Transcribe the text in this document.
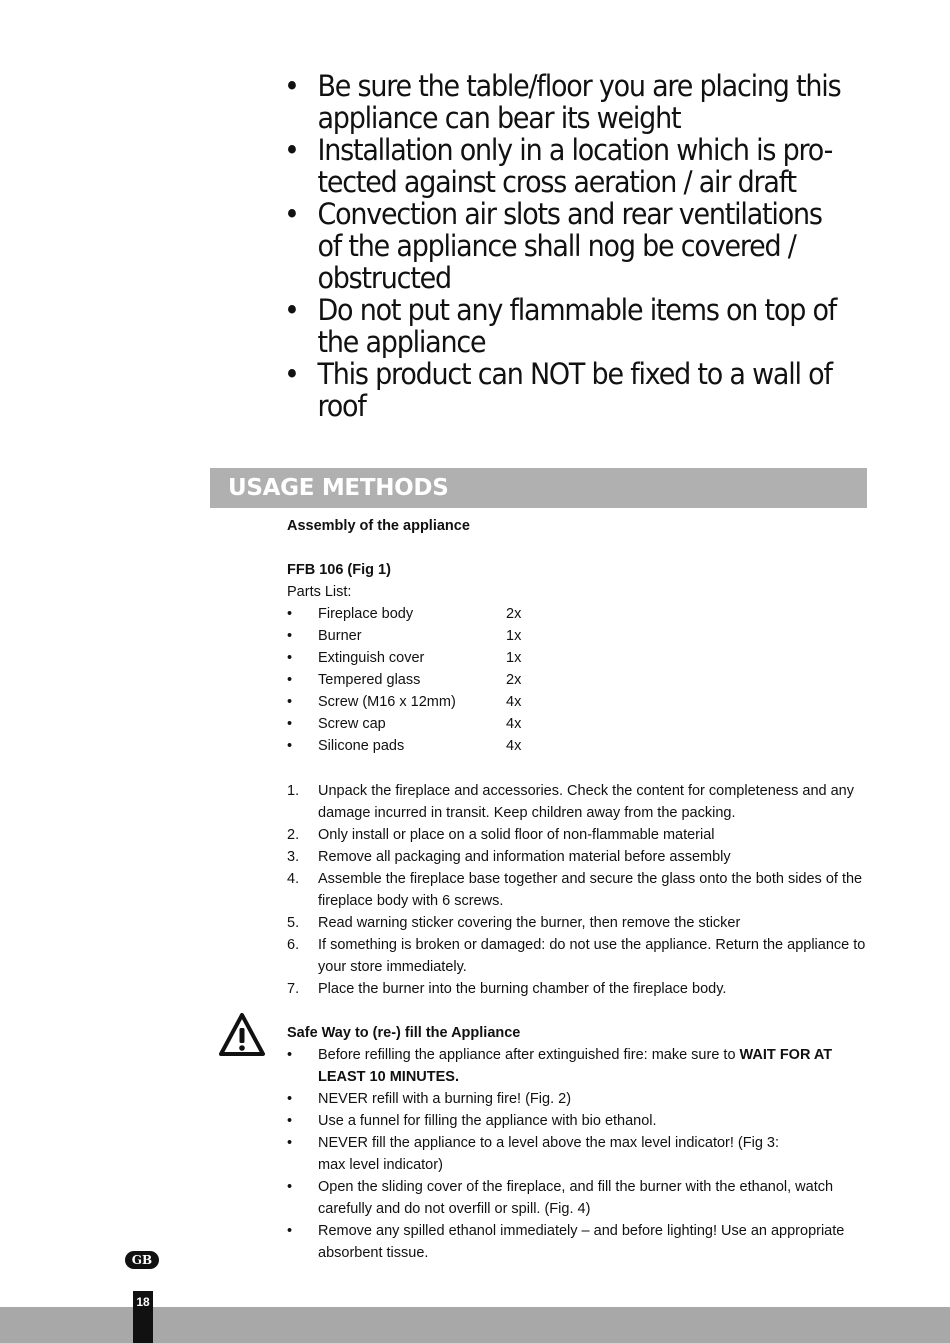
• Be sure the table/floor you are placing this appliance can bear its weight
• Installation only in a location which is pro-tected against cross aeration / air draft
• Convection air slots and rear ventilations of the appliance shall nog be covered / obstructed
• Do not put any flammable items on top of the appliance
• This product can NOT be fixed to a wall of roof
USAGE METHODS

Assembly of the appliance

FFB 106 (Fig 1)

Parts List:

• Fireplace body	2x
• Burner	1x
• Extinguish cover	1x
• Tempered glass	2x
• Screw (M16 x 12mm)	4x
• Screw cap	4x
• Silicone pads	4x
1. Unpack the fireplace and accessories. Check the content for completeness and any damage incurred in transit. Keep children away from the packing.
2. Only install or place on a solid floor of non-flammable material
3. Remove all packaging and information material before assembly
4. Assemble the fireplace base together and secure the glass onto the both sides of the fireplace body with 6 screws.
5. Read warning sticker covering the burner, then remove the sticker
6. If something is broken or damaged: do not use the appliance. Return the appliance to your store immediately.
7. Place the burner into the burning chamber of the fireplace body.

Safe Way to (re-) fill the Appliance

• Before refilling the appliance after extinguished fire: make sure to WAIT FOR AT LEAST 10 MINUTES.
• NEVER refill with a burning fire! (Fig. 2)
• Use a funnel for filling the appliance with bio ethanol.
• NEVER fill the appliance to a level above the max level indicator! (Fig 3: max level indicator)
• Open the sliding cover of the fireplace, and fill the burner with the ethanol, watch carefully and do not overfill or spill. (Fig. 4)
• Remove any spilled ethanol immediately – and before lighting! Use an appropriate absorbent tissue.
GB
18
